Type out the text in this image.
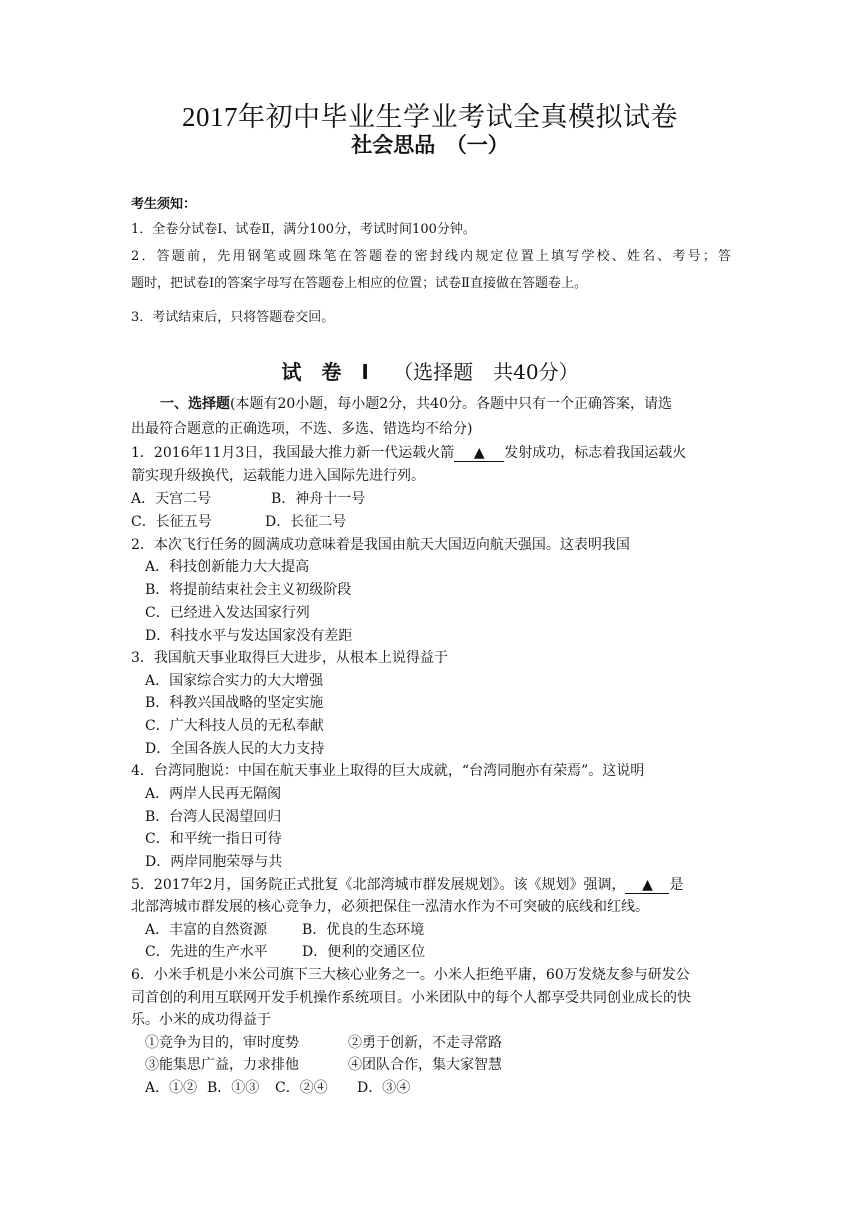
2017年初中毕业生学业考试全真模拟试卷
社会思品　（一）
考生须知：
1．全卷分试卷Ⅰ、试卷Ⅱ，满分100分，考试时间100分钟。
2．答题前，先用钢笔或圆珠笔在答题卷的密封线内规定位置上填写学校、姓名、考号；答
题时，把试卷Ⅰ的答案字母写在答题卷上相应的位置；试卷Ⅱ直接做在答题卷上。
3．考试结束后，只将答题卷交回。
试　卷　Ⅰ （选择题　共40分）
一、选择题(本题有20小题，每小题2分，共40分。各题中只有一个正确答案，请选
出最符合题意的正确选项，不选、多选、错选均不给分)
1．2016年11月3日，我国最大推力新一代运载火箭 ▲ 发射成功，标志着我国运载火
箭实现升级换代，运载能力进入国际先进行列。
A．天宫二号	B．神舟十一号
C．长征五号	D．长征二号
2．本次飞行任务的圆满成功意味着是我国由航天大国迈向航天强国。这表明我国
A．科技创新能力大大提高
B．将提前结束社会主义初级阶段
C．已经进入发达国家行列
D．科技水平与发达国家没有差距
3．我国航天事业取得巨大进步，从根本上说得益于
A．国家综合实力的大大增强
B．科教兴国战略的坚定实施
C．广大科技人员的无私奉献
D．全国各族人民的大力支持
4．台湾同胞说：中国在航天事业上取得的巨大成就，“台湾同胞亦有荣焉”。这说明
A．两岸人民再无隔阂
B．台湾人民渴望回归
C．和平统一指日可待
D．两岸同胞荣辱与共
5．2017年2月，国务院正式批复《北部湾城市群发展规划》。该《规划》强调， ▲ 是
北部湾城市群发展的核心竞争力，必须把保住一泓清水作为不可突破的底线和红线。
A．丰富的自然资源 B．优良的生态环境
C．先进的生产水平 D．便利的交通区位
6．小米手机是小米公司旗下三大核心业务之一。小米人拒绝平庸，60万发烧友参与研发公
司首创的利用互联网开发手机操作系统项目。小米团队中的每个人都享受共同创业成长的快
乐。小米的成功得益于
①竞争为目的，审时度势	②勇于创新，不走寻常路
③能集思广益，力求排他	④团队合作，集大家智慧
A．①② B．①③ C．②④ D．③④
